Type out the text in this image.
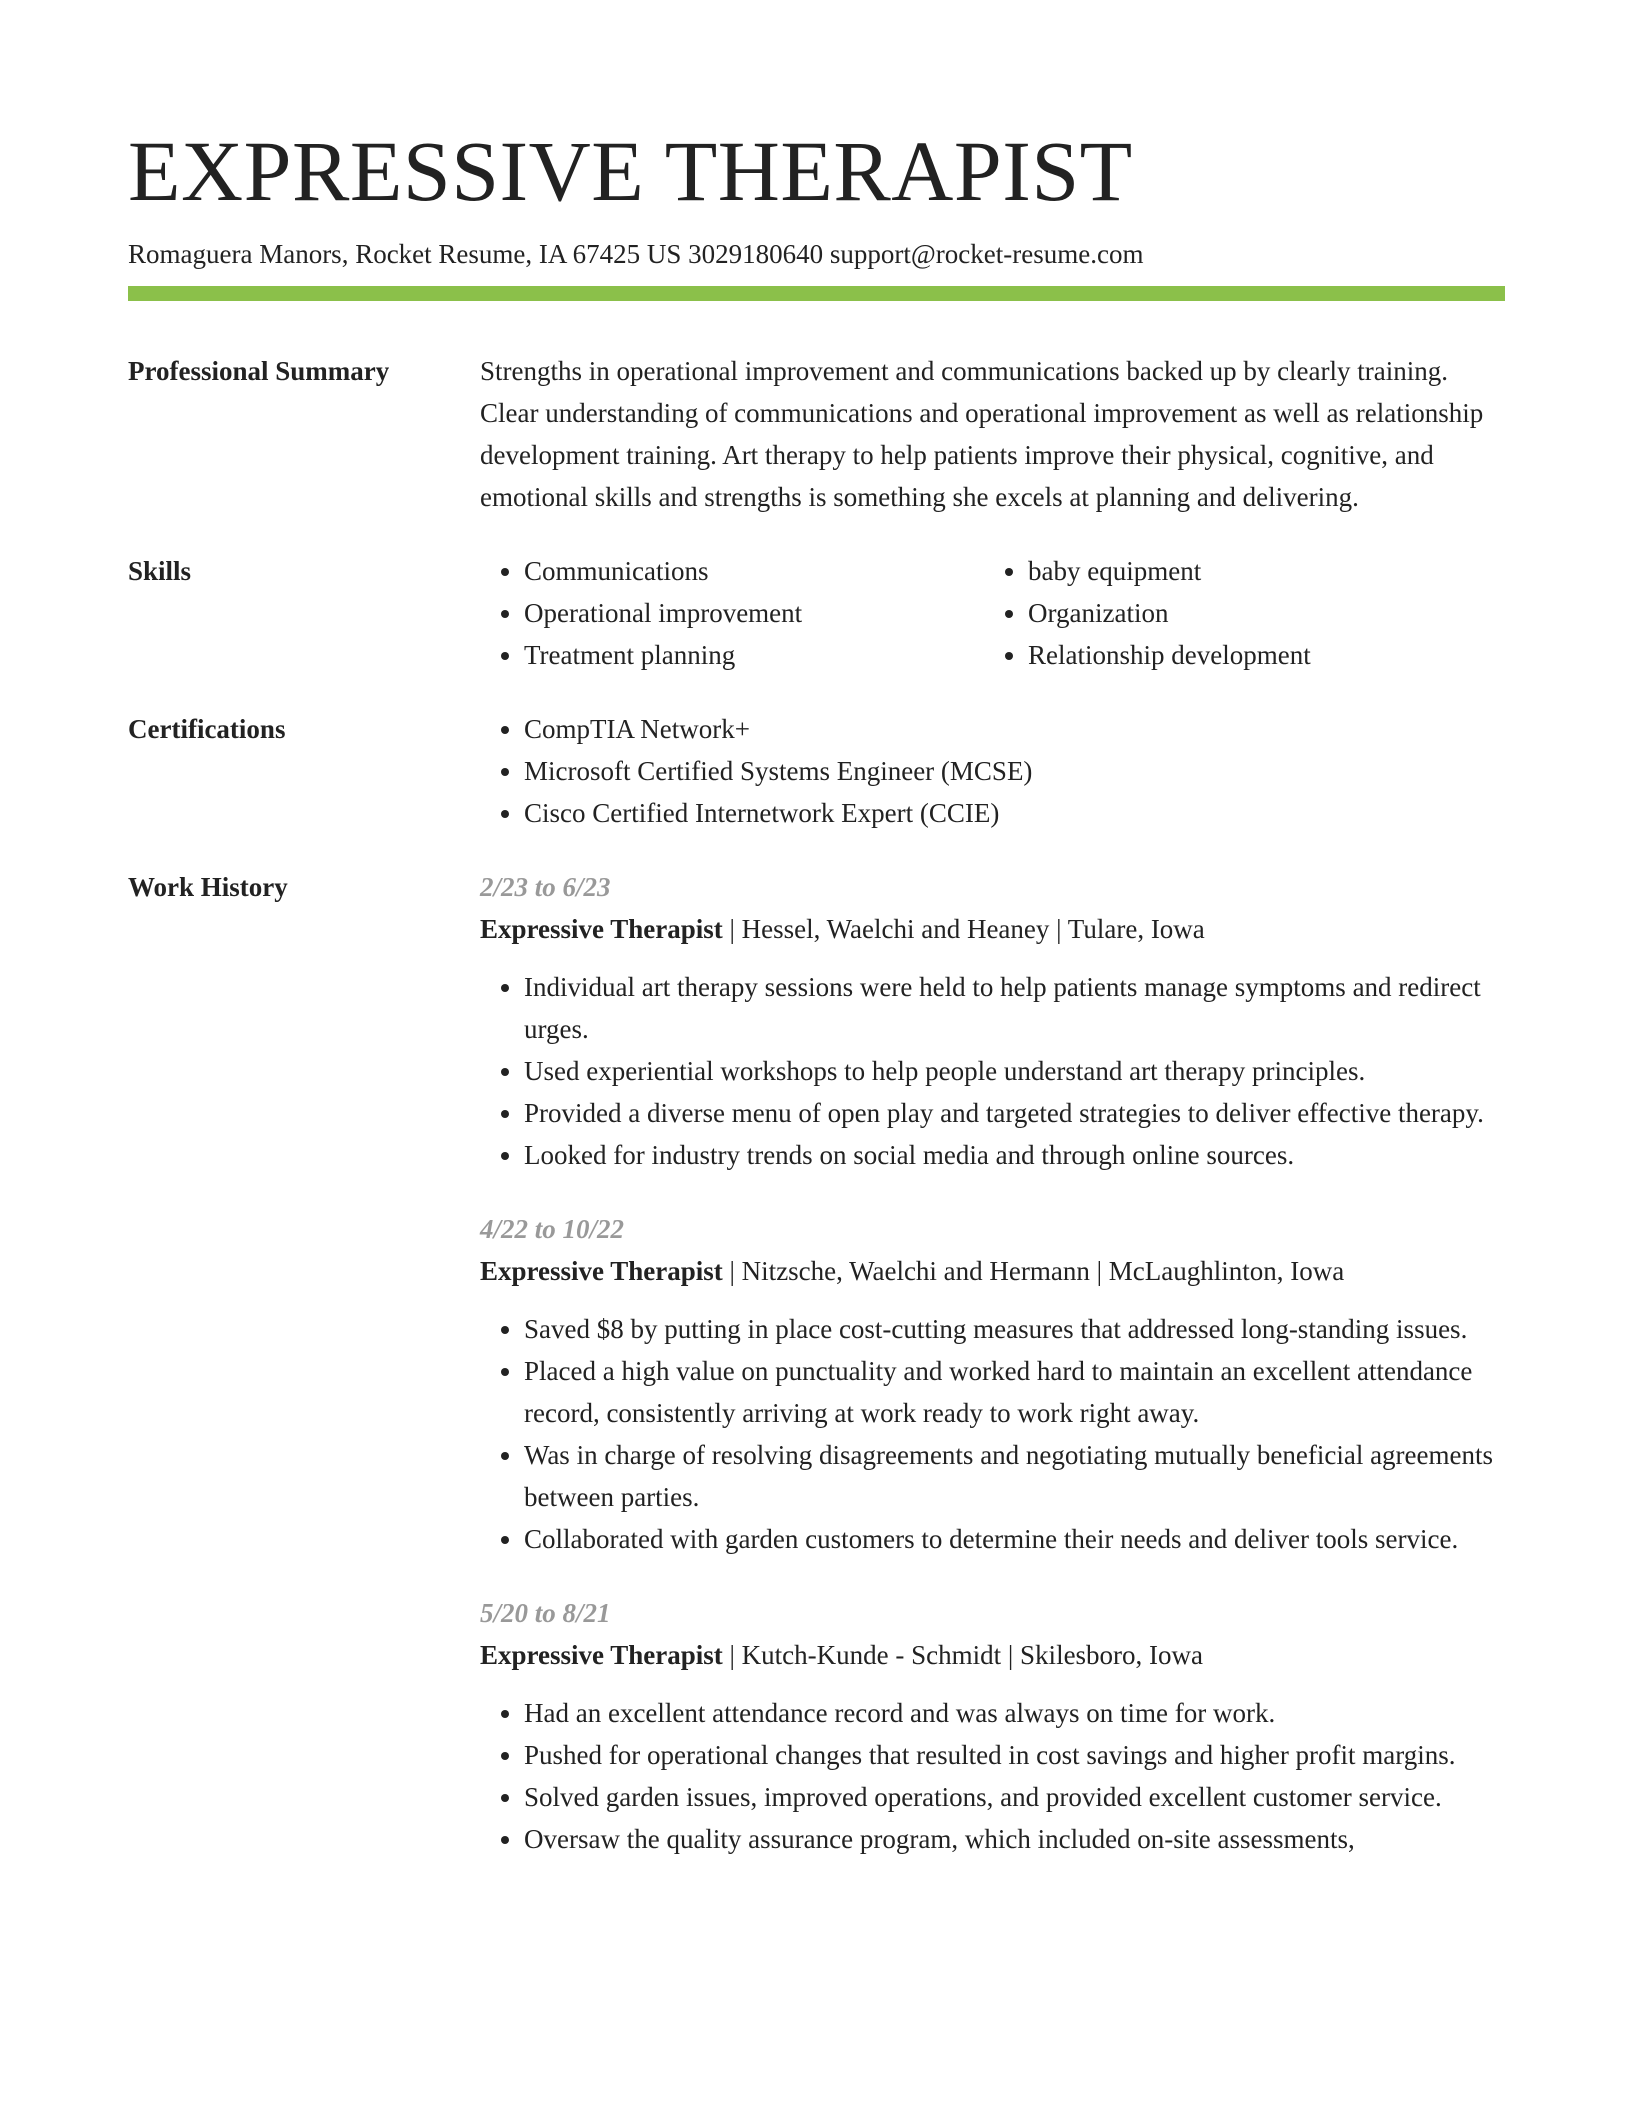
EXPRESSIVE THERAPIST
Romaguera Manors, Rocket Resume, IA 67425 US 3029180640 support@rocket-resume.com
Professional Summary	Strengths in operational improvement and communications backed up by clearly training. Clear understanding of communications and operational improvement as well as relationship development training. Art therapy to help patients improve their physical, cognitive, and emotional skills and strengths is something she excels at planning and delivering.

Skills	• Communications
• Operational improvement
• Treatment planning
• baby equipment
• Organization
• Relationship development
Certifications	• CompTIA Network+
• Microsoft Certified Systems Engineer (MCSE)
• Cisco Certified Internetwork Expert (CCIE)
Work History	2/23 to 6/23
Expressive Therapist | Hessel, Waelchi and Heaney | Tulare, Iowa
• Individual art therapy sessions were held to help patients manage symptoms and redirect urges.
• Used experiential workshops to help people understand art therapy principles.
• Provided a diverse menu of open play and targeted strategies to deliver effective therapy.
• Looked for industry trends on social media and through online sources.
4/22 to 10/22
Expressive Therapist | Nitzsche, Waelchi and Hermann | McLaughlinton, Iowa
• Saved $8 by putting in place cost-cutting measures that addressed long-standing issues.
• Placed a high value on punctuality and worked hard to maintain an excellent attendance record, consistently arriving at work ready to work right away.
• Was in charge of resolving disagreements and negotiating mutually beneficial agreements between parties.
• Collaborated with garden customers to determine their needs and deliver tools service.
5/20 to 8/21
Expressive Therapist | Kutch-Kunde - Schmidt | Skilesboro, Iowa
• Had an excellent attendance record and was always on time for work.
• Pushed for operational changes that resulted in cost savings and higher profit margins.
• Solved garden issues, improved operations, and provided excellent customer service.
• Oversaw the quality assurance program, which included on-site assessments,
